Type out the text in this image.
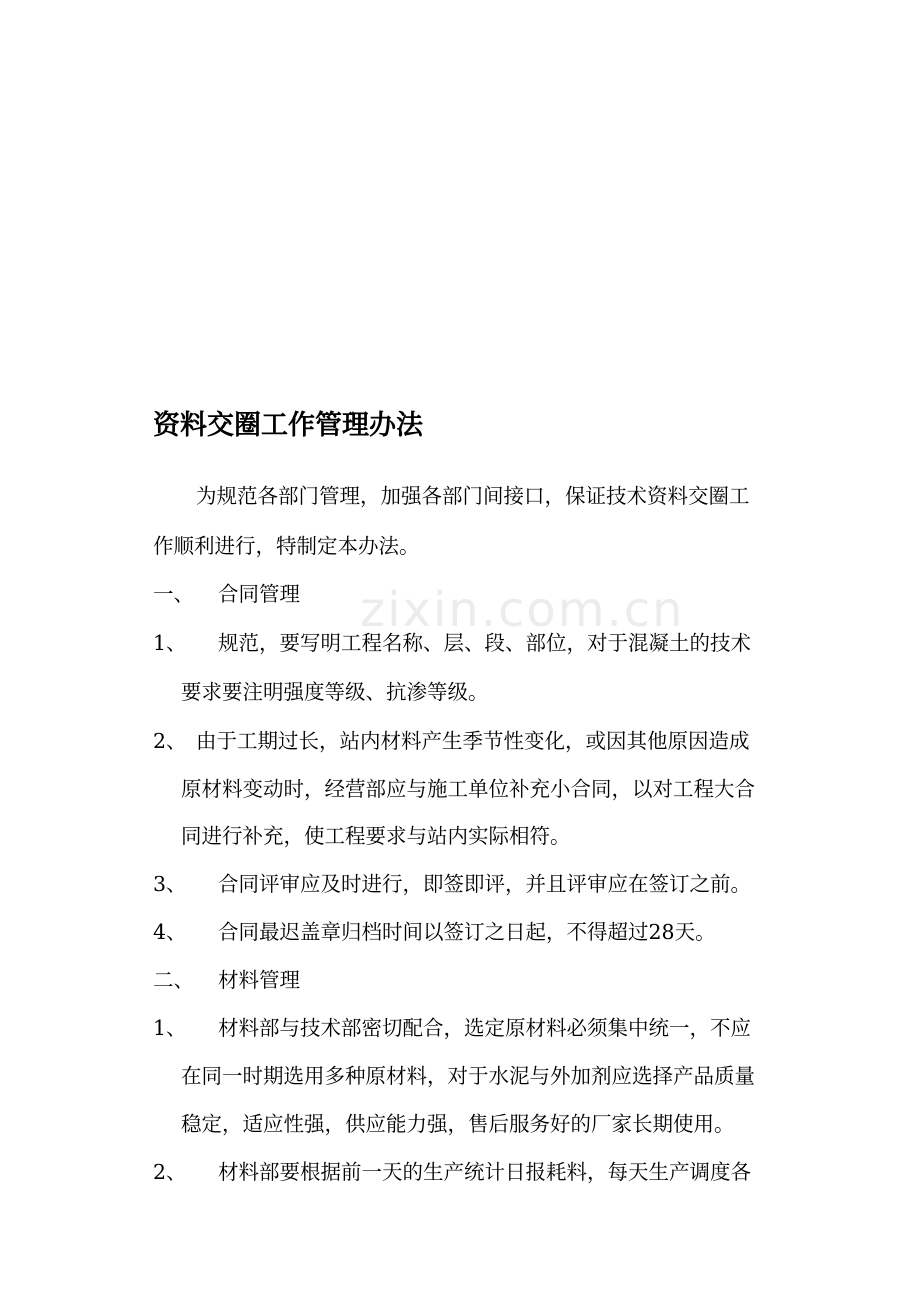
zixin.com.cn
资料交圈工作管理办法
为规范各部门管理，加强各部门间接口，保证技术资料交圈工
作顺利进行，特制定本办法。
一、 合同管理
1、 规范，要写明工程名称、层、段、部位，对于混凝土的技术
要求要注明强度等级、抗渗等级。
2、 由于工期过长，站内材料产生季节性变化，或因其他原因造成
原材料变动时，经营部应与施工单位补充小合同，以对工程大合
同进行补充，使工程要求与站内实际相符。
3、 合同评审应及时进行，即签即评，并且评审应在签订之前。
4、 合同最迟盖章归档时间以签订之日起，不得超过28天。
二、 材料管理
1、 材料部与技术部密切配合，选定原材料必须集中统一，不应
在同一时期选用多种原材料，对于水泥与外加剂应选择产品质量
稳定，适应性强，供应能力强，售后服务好的厂家长期使用。
2、 材料部要根据前一天的生产统计日报耗料，每天生产调度各
